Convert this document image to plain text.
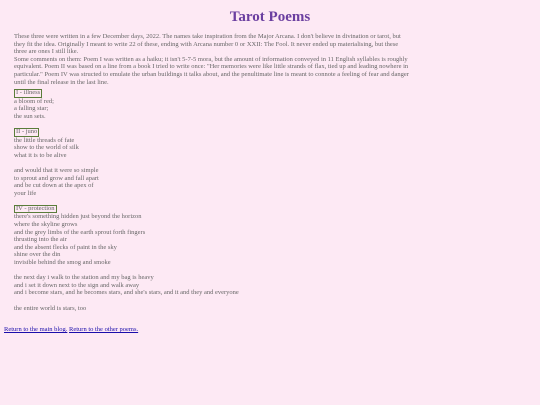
Tarot Poems

These three were written in a few December days, 2022. The names take inspiration from the Major Arcana. I don't believe in divination or tarot, but they fit the idea. Originally I meant to write 22 of these, ending with Arcana number 0 or XXII: The Fool. It never ended up materialising, but these three are ones I still like.

Some comments on them: Poem I was written as a haiku; it isn't 5-7-5 mora, but the amount of information conveyed in 11 English syllables is roughly equivalent. Poem II was based on a line from a book I tried to write once: "Her memories were like little strands of flax, tied up and leading nowhere in particular." Poem IV was structed to emulate the urban buildings it talks about, and the penultimate line is meant to connote a feeling of fear and danger until the final release in the last line.

I - illness
a bloom of red;
a falling star;
the sun sets.
II - juno
the little threads of fate
show to the world of silk
what it is to be alive
and would that it were so simple
to sprout and grow and fall apart
and be cut down at the apex of
your life
IV - protection
there's something hidden just beyond the horizon
where the skyline grows
and the grey limbs of the earth sprout forth fingers
thrusting into the air
and the absent flecks of paint in the sky
shine over the din
invisible behind the smog and smoke
the next day i walk to the station and my bag is heavy
and i set it down next to the sign and walk away
and i become stars, and he becomes stars, and she's stars, and it and they and everyone
the entire world is stars, too
Return to the main blog. Return to the other poems.
